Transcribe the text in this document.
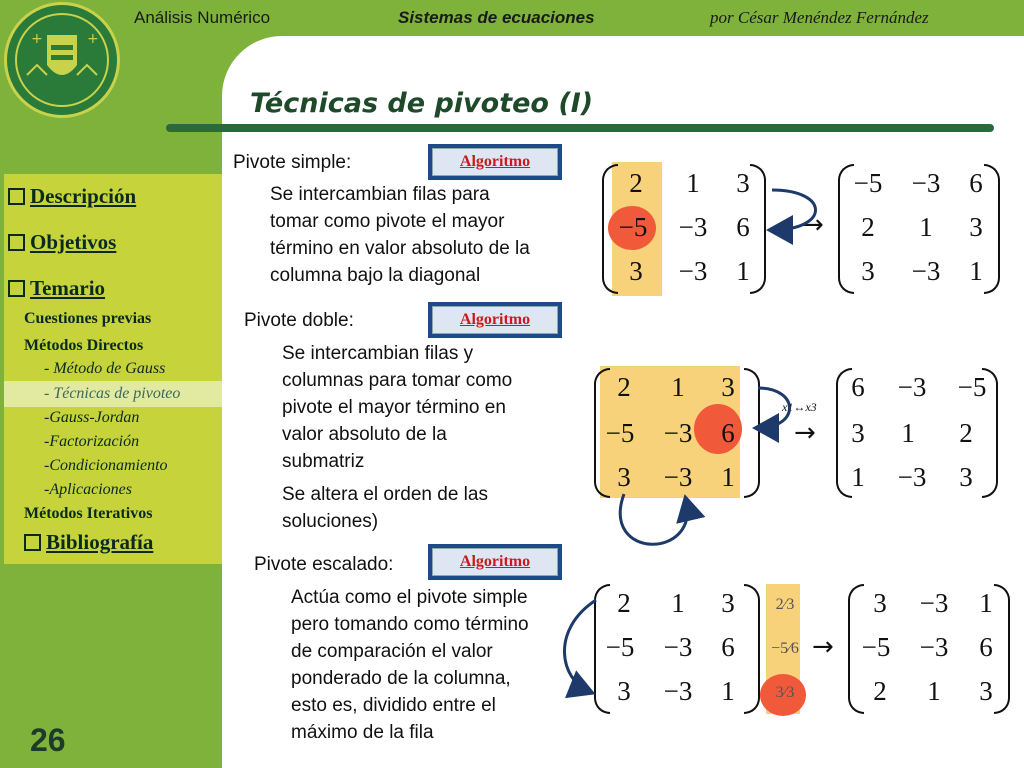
+	+
Análisis Numérico	Sistemas de ecuaciones	por César Menéndez Fernández
Técnicas de pivoteo (I)
Descripción
Objetivos
Temario
Cuestiones previas
Métodos Directos
- Método de Gauss
- Técnicas de pivoteo
-Gauss-Jordan
-Factorización
-Condicionamiento
-Aplicaciones
Métodos Iterativos
Bibliografía
26
Pivote simple:	Algoritmo
Se intercambian filas para
tomar como pivote el mayor
término en valor absoluto de la
columna bajo la diagonal
Pivote doble:	Algoritmo
Se intercambian filas y
columnas para tomar como
pivote el mayor término en
valor absoluto de la
submatriz
Se altera el orden de las
soluciones)
Pivote escalado:	Algoritmo
Actúa como el pivote simple
pero tomando como término
de comparación el valor
ponderado de la columna,
esto es, dividido entre el
máximo de la fila
2	1	3
−5	−3	6
3	−3	1
→
−5	−3	6
2	1	3
3	−3	1
2	1	3
−5	−3	6
3	−3	1
x1↔x3
→
6	−3	−5
3	1	2
1	−3	3
2	1	3
−5	−3	6
3	−3	1
2⁄3
−5⁄6
3⁄3
→
3	−3	1
−5	−3	6
2	1	3
